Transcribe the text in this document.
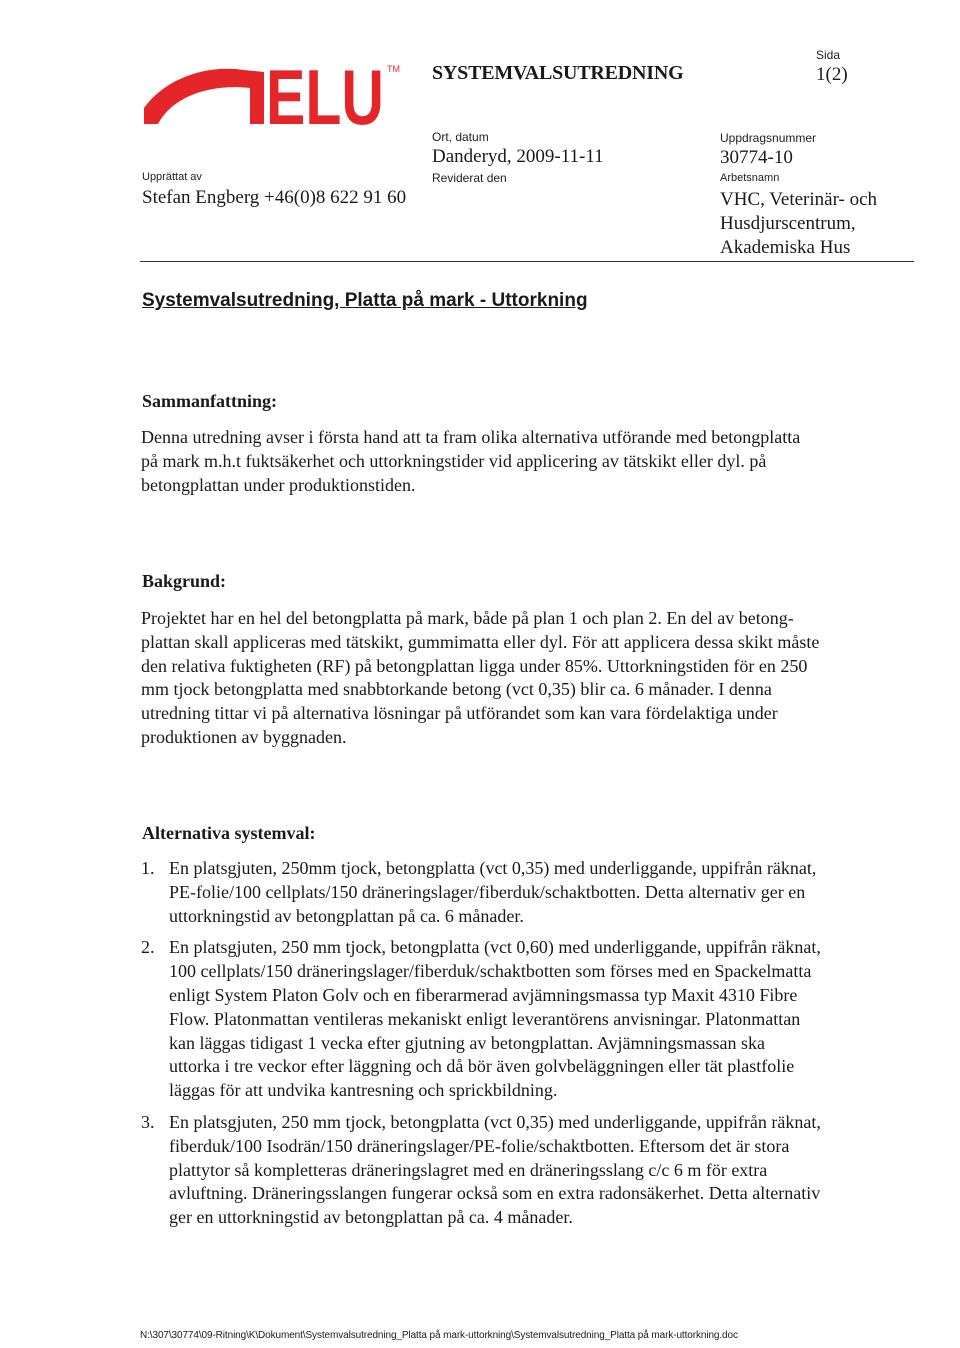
ELU TM SYSTEMVALSUTREDNING
Sida
1(2)
Ort, datum
Danderyd, 2009-11-11
Reviderat den
Uppdragsnummer
30774-10
Arbetsnamn
VHC, Veterinär- och
Husdjurscentrum,
Akademiska Hus
Upprättat av
Stefan Engberg +46(0)8 622 91 60
Systemvalsutredning, Platta på mark - Uttorkning
Sammanfattning:
Denna utredning avser i första hand att ta fram olika alternativa utförande med betongplatta
på mark m.h.t fuktsäkerhet och uttorkningstider vid applicering av tätskikt eller dyl. på
betongplattan under produktionstiden.
Bakgrund:
Projektet har en hel del betongplatta på mark, både på plan 1 och plan 2. En del av betong-
plattan skall appliceras med tätskikt, gummimatta eller dyl. För att applicera dessa skikt måste
den relativa fuktigheten (RF) på betongplattan ligga under 85%. Uttorkningstiden för en 250
mm tjock betongplatta med snabbtorkande betong (vct 0,35) blir ca. 6 månader. I denna
utredning tittar vi på alternativa lösningar på utförandet som kan vara fördelaktiga under
produktionen av byggnaden.
Alternativa systemval:
1. En platsgjuten, 250mm tjock, betongplatta (vct 0,35) med underliggande, uppifrån räknat,
PE-folie/100 cellplats/150 dräneringslager/fiberduk/schaktbotten. Detta alternativ ger en
uttorkningstid av betongplattan på ca. 6 månader.
2. En platsgjuten, 250 mm tjock, betongplatta (vct 0,60) med underliggande, uppifrån räknat,
100 cellplats/150 dräneringslager/fiberduk/schaktbotten som förses med en Spackelmatta
enligt System Platon Golv och en fiberarmerad avjämningsmassa typ Maxit 4310 Fibre
Flow. Platonmattan ventileras mekaniskt enligt leverantörens anvisningar. Platonmattan
kan läggas tidigast 1 vecka efter gjutning av betongplattan. Avjämningsmassan ska
uttorka i tre veckor efter läggning och då bör även golvbeläggningen eller tät plastfolie
läggas för att undvika kantresning och sprickbildning.
3. En platsgjuten, 250 mm tjock, betongplatta (vct 0,35) med underliggande, uppifrån räknat,
fiberduk/100 Isodrän/150 dräneringslager/PE-folie/schaktbotten. Eftersom det är stora
plattytor så kompletteras dräneringslagret med en dräneringsslang c/c 6 m för extra
avluftning. Dräneringsslangen fungerar också som en extra radonsäkerhet. Detta alternativ
ger en uttorkningstid av betongplattan på ca. 4 månader.
N:\307\30774\09-Ritning\K\Dokument\Systemvalsutredning_Platta på mark-uttorkning\Systemvalsutredning_Platta på mark-uttorkning.doc
